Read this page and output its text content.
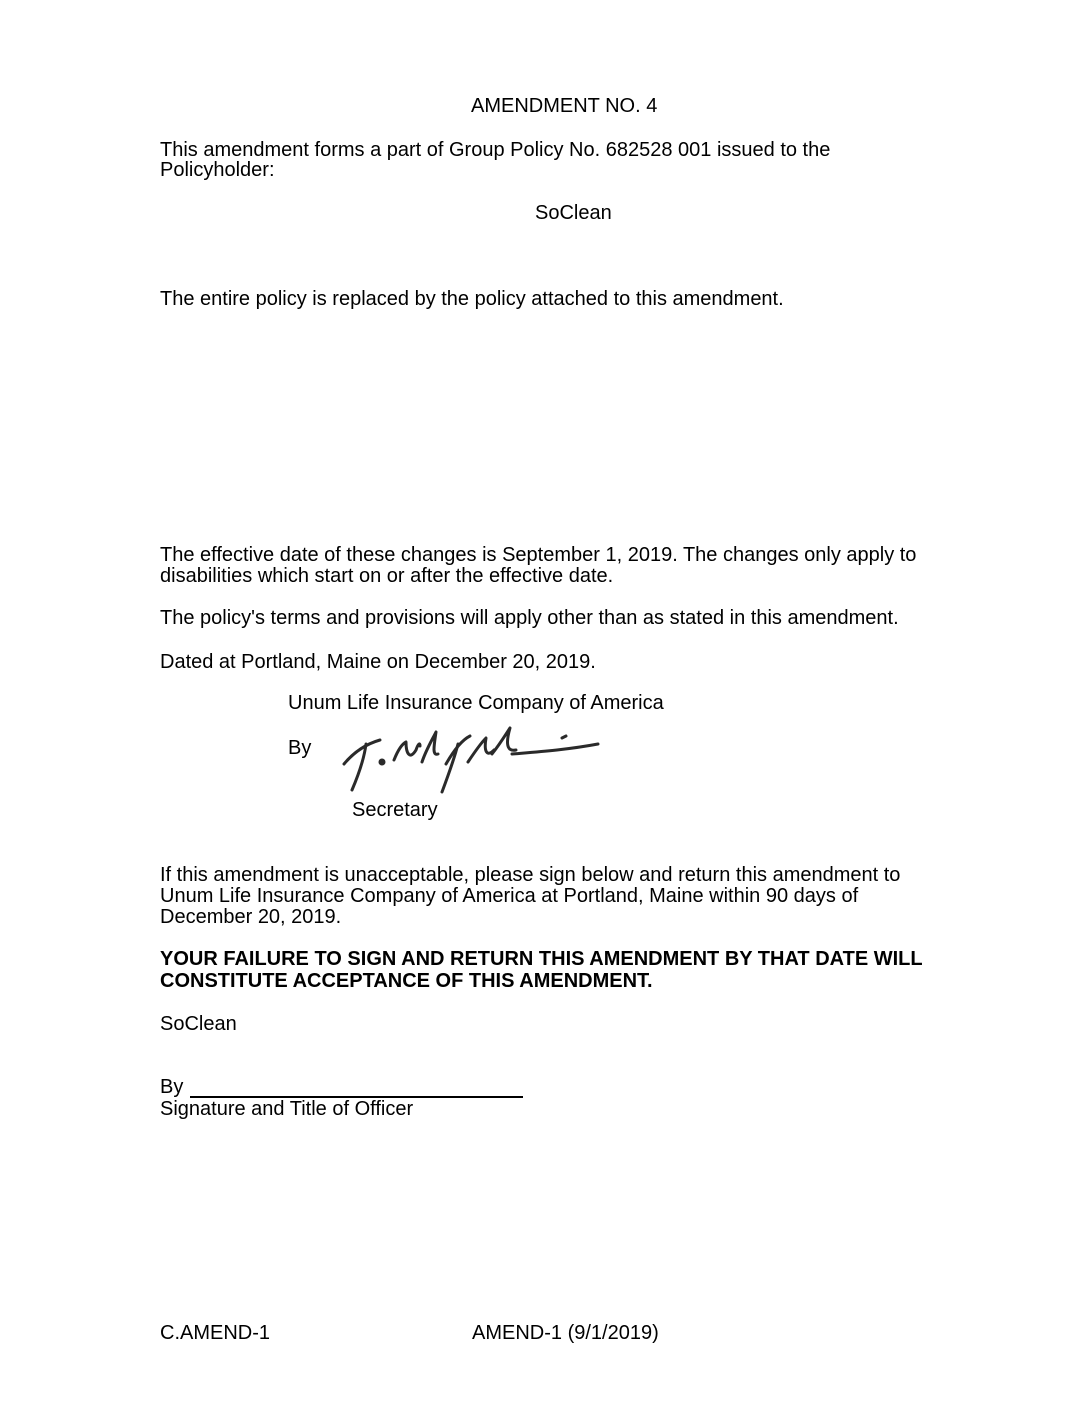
AMENDMENT NO. 4
This amendment forms a part of Group Policy No. 682528 001 issued to the
Policyholder:
SoClean
The entire policy is replaced by the policy attached to this amendment.
The effective date of these changes is September 1, 2019. The changes only apply to
disabilities which start on or after the effective date.
The policy's terms and provisions will apply other than as stated in this amendment.
Dated at Portland, Maine on December 20, 2019.
Unum Life Insurance Company of America
By
Secretary
If this amendment is unacceptable, please sign below and return this amendment to
Unum Life Insurance Company of America at Portland, Maine within 90 days of
December 20, 2019.
YOUR FAILURE TO SIGN AND RETURN THIS AMENDMENT BY THAT DATE WILL
CONSTITUTE ACCEPTANCE OF THIS AMENDMENT.
SoClean
By
Signature and Title of Officer
C.AMEND-1	AMEND-1 (9/1/2019)
